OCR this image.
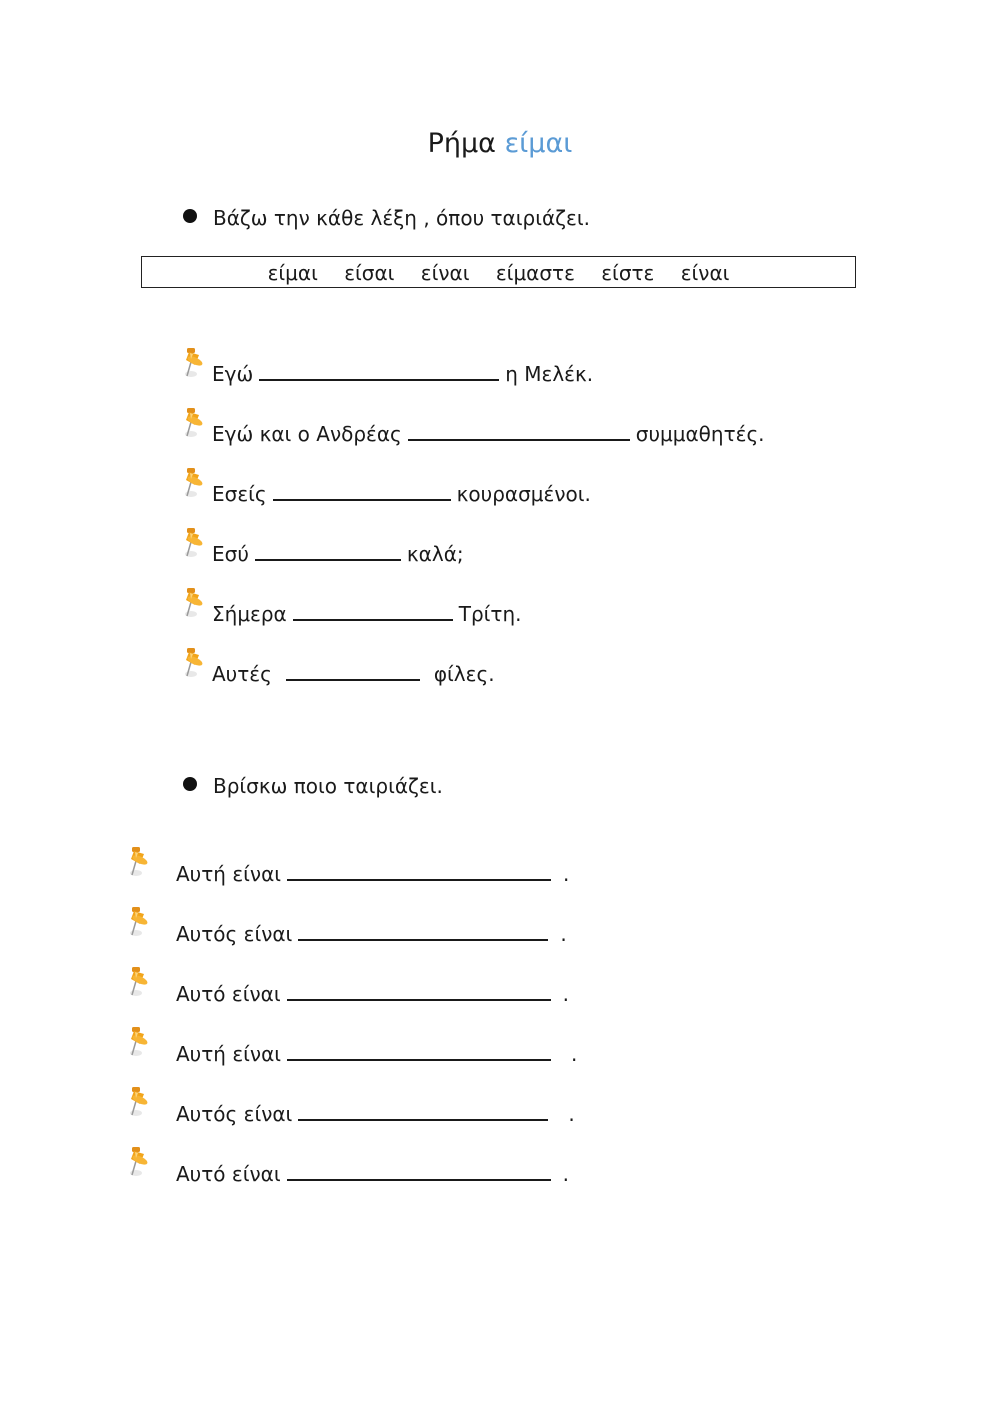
Ρήμα είμαι
Βάζω την κάθε λέξη , όπου ταιριάζει.
είμαι είσαι είναι είμαστε είστε είναι
Εγώ	η Μελέκ.
Εγώ και ο Ανδρέας	συμμαθητές.
Εσείς	κουρασμένοι.
Εσύ	καλά;
Σήμερα	Τρίτη.
Αυτές	φίλες.
Βρίσκω ποιο ταιριάζει.
Αυτή είναι	.
Αυτός είναι	.
Αυτό είναι	.
Αυτή είναι	.
Αυτός είναι	.
Αυτό είναι	.
